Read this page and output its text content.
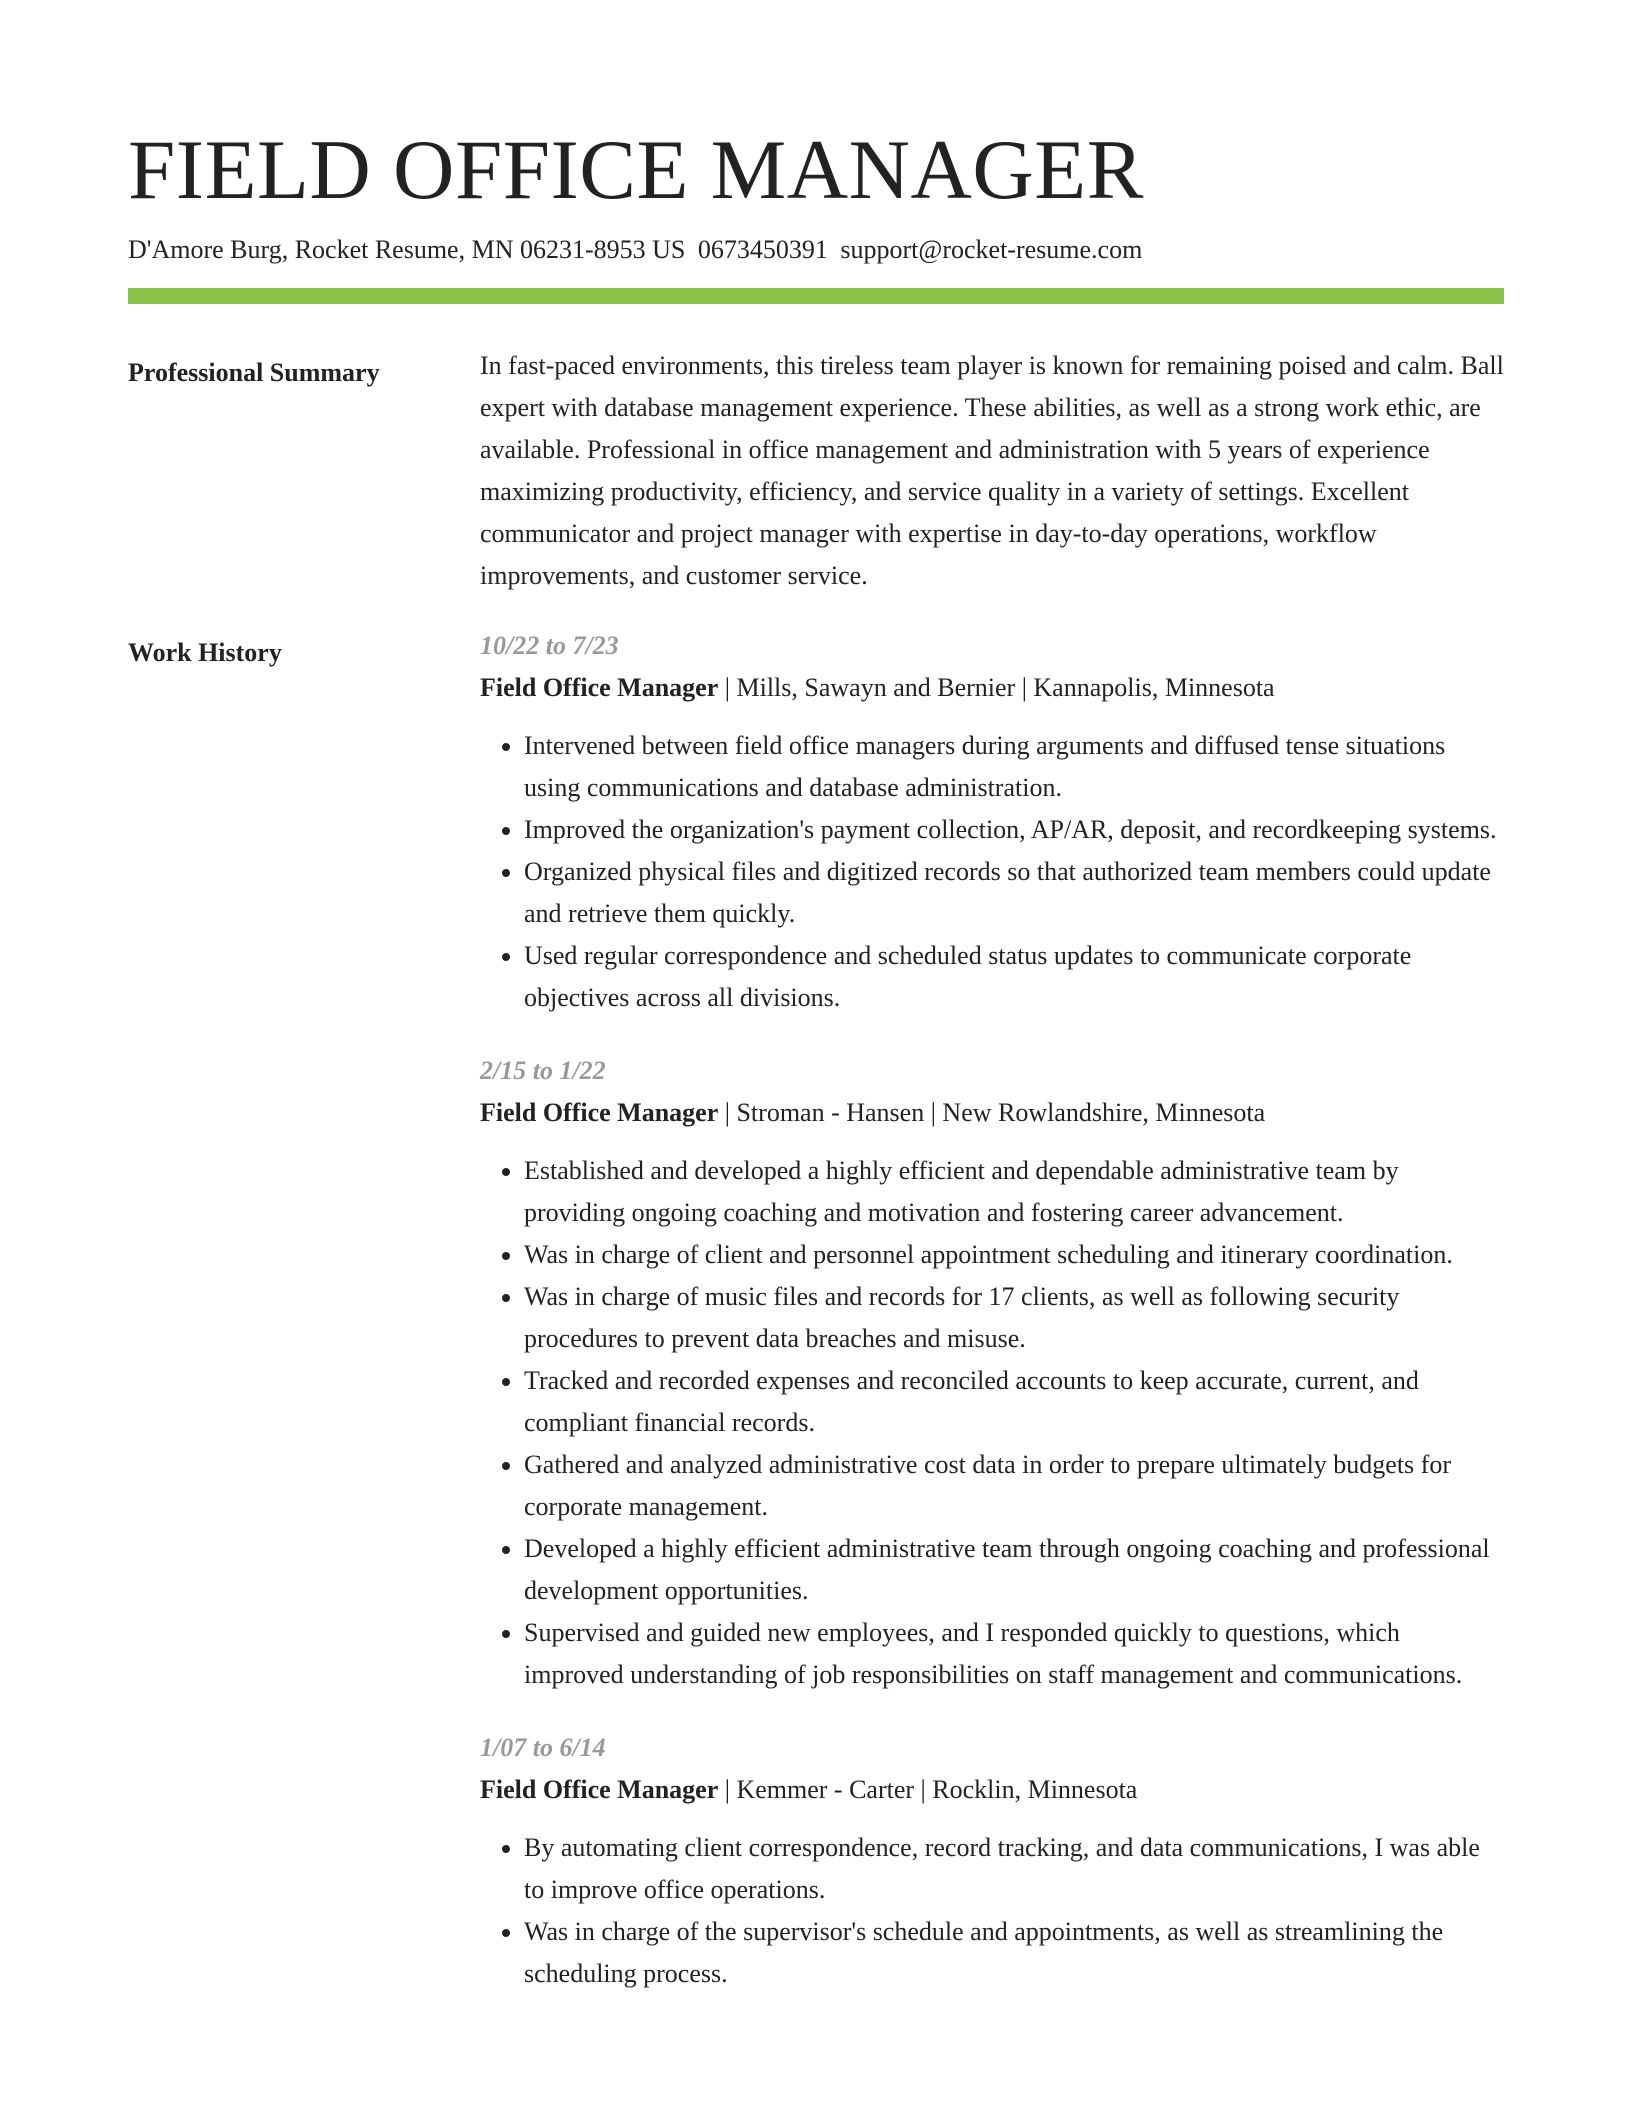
FIELD OFFICE MANAGER
D'Amore Burg, Rocket Resume, MN 06231-8953 US 0673450391 support@rocket-resume.com
Professional Summary	In fast-paced environments, this tireless team player is known for remaining poised and calm. Ball expert with database management experience. These abilities, as well as a strong work ethic, are available. Professional in office management and administration with 5 years of experience maximizing productivity, efficiency, and service quality in a variety of settings. Excellent communicator and project manager with expertise in day-to-day operations, workflow improvements, and customer service.

Work History	10/22 to 7/23
Field Office Manager | Mills, Sawayn and Bernier | Kannapolis, Minnesota
• Intervened between field office managers during arguments and diffused tense situations using communications and database administration.
• Improved the organization's payment collection, AP/AR, deposit, and recordkeeping systems.
• Organized physical files and digitized records so that authorized team members could update and retrieve them quickly.
• Used regular correspondence and scheduled status updates to communicate corporate objectives across all divisions.
2/15 to 1/22
Field Office Manager | Stroman - Hansen | New Rowlandshire, Minnesota
• Established and developed a highly efficient and dependable administrative team by providing ongoing coaching and motivation and fostering career advancement.
• Was in charge of client and personnel appointment scheduling and itinerary coordination.
• Was in charge of music files and records for 17 clients, as well as following security procedures to prevent data breaches and misuse.
• Tracked and recorded expenses and reconciled accounts to keep accurate, current, and compliant financial records.
• Gathered and analyzed administrative cost data in order to prepare ultimately budgets for corporate management.
• Developed a highly efficient administrative team through ongoing coaching and professional development opportunities.
• Supervised and guided new employees, and I responded quickly to questions, which improved understanding of job responsibilities on staff management and communications.
1/07 to 6/14
Field Office Manager | Kemmer - Carter | Rocklin, Minnesota
• By automating client correspondence, record tracking, and data communications, I was able to improve office operations.
• Was in charge of the supervisor's schedule and appointments, as well as streamlining the scheduling process.
